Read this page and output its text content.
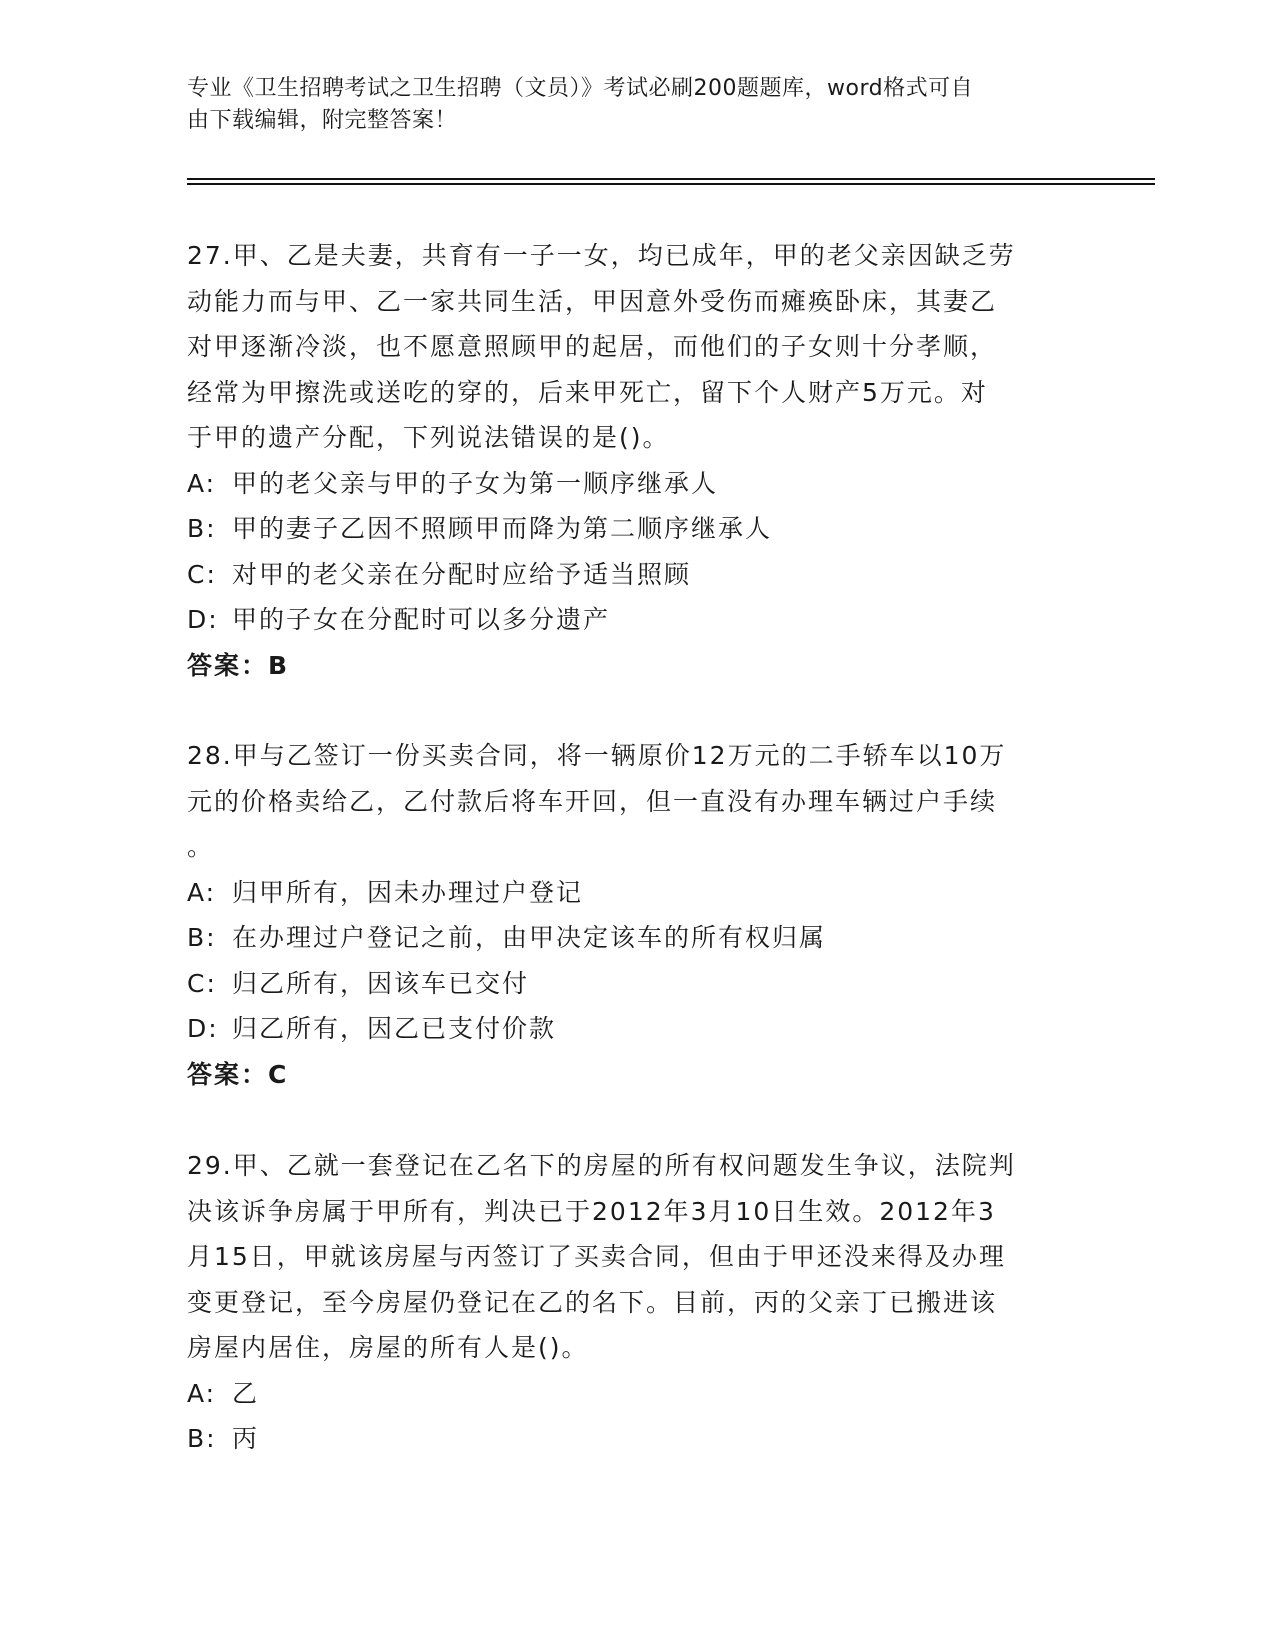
专业《卫生招聘考试之卫生招聘（文员）》考试必刷200题题库，word格式可自
由下载编辑，附完整答案！
27.甲、乙是夫妻，共育有一子一女，均已成年，甲的老父亲因缺乏劳
动能力而与甲、乙一家共同生活，甲因意外受伤而瘫痪卧床，其妻乙
对甲逐渐冷淡，也不愿意照顾甲的起居，而他们的子女则十分孝顺，
经常为甲擦洗或送吃的穿的，后来甲死亡，留下个人财产5万元。对
于甲的遗产分配，下列说法错误的是()。
A: 甲的老父亲与甲的子女为第一顺序继承人
B: 甲的妻子乙因不照顾甲而降为第二顺序继承人
C: 对甲的老父亲在分配时应给予适当照顾
D: 甲的子女在分配时可以多分遗产
答案：B
28.甲与乙签订一份买卖合同，将一辆原价12万元的二手轿车以10万
元的价格卖给乙，乙付款后将车开回，但一直没有办理车辆过户手续
。
A: 归甲所有，因未办理过户登记
B: 在办理过户登记之前，由甲决定该车的所有权归属
C: 归乙所有，因该车已交付
D: 归乙所有，因乙已支付价款
答案：C
29.甲、乙就一套登记在乙名下的房屋的所有权问题发生争议，法院判
决该诉争房属于甲所有，判决已于2012年3月10日生效。2012年3
月15日，甲就该房屋与丙签订了买卖合同，但由于甲还没来得及办理
变更登记，至今房屋仍登记在乙的名下。目前，丙的父亲丁已搬进该
房屋内居住，房屋的所有人是()。
A: 乙
B: 丙
